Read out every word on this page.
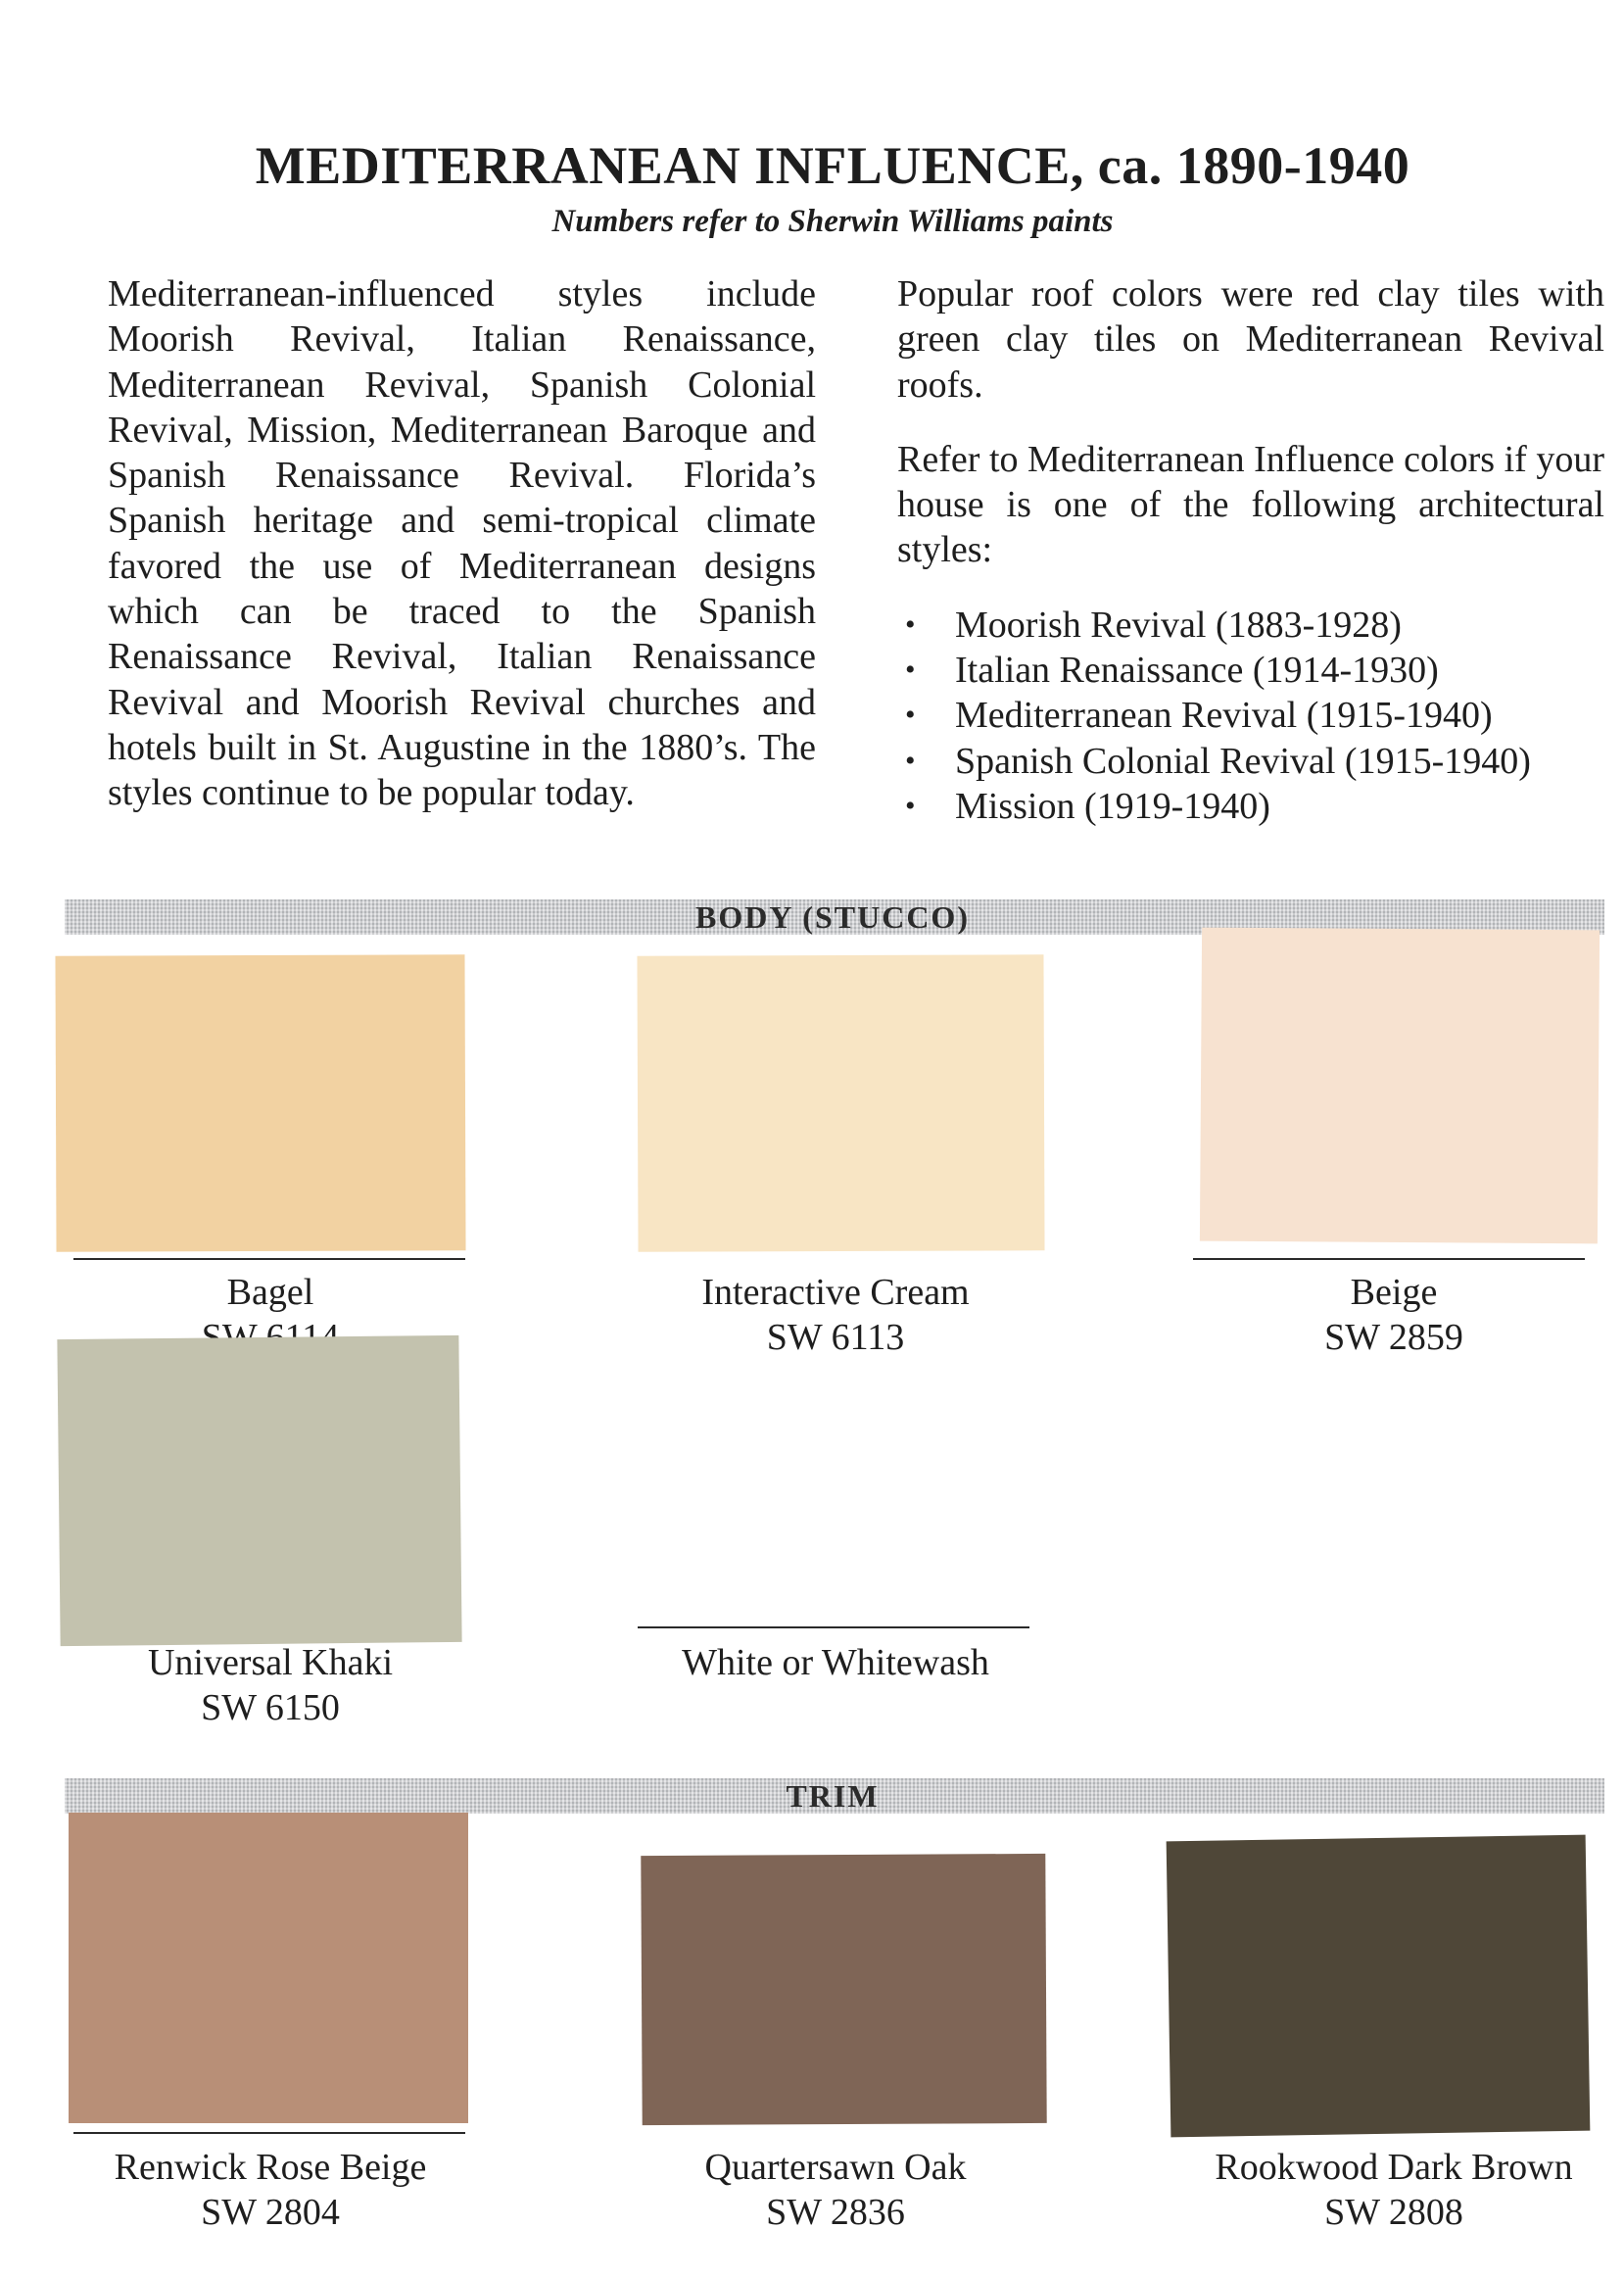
MEDITERRANEAN INFLUENCE, ca. 1890-1940
Numbers refer to Sherwin Williams paints
Mediterranean-influenced styles include Moorish Revival, Italian Renaissance, Mediterranean Revival, Spanish Colonial Revival, Mission, Mediterranean Baroque and Spanish Renaissance Revival. Florida’s Spanish heritage and semi-tropical climate favored the use of Mediterranean designs which can be traced to the Spanish Renaissance Revival, Italian Renaissance Revival and Moorish Revival churches and hotels built in St. Augustine in the 1880’s. The styles continue to be popular today.

Popular roof colors were red clay tiles with green clay tiles on Mediterranean Revival roofs.

Refer to Mediterranean Influence colors if your house is one of the following architectural styles:

• Moorish Revival (1883-1928)
• Italian Renaissance (1914-1930)
• Mediterranean Revival (1915-1940)
• Spanish Colonial Revival (1915-1940)
• Mission (1919-1940)
BODY (STUCCO)
Bagel	Interactive Cream
SW 6113
Beige
SW 2859
Universal Khaki
SW 6150
White or Whitewash
TRIM
Renwick Rose Beige
SW 2804
Quartersawn Oak
SW 2836
Rookwood Dark Brown
SW 2808
